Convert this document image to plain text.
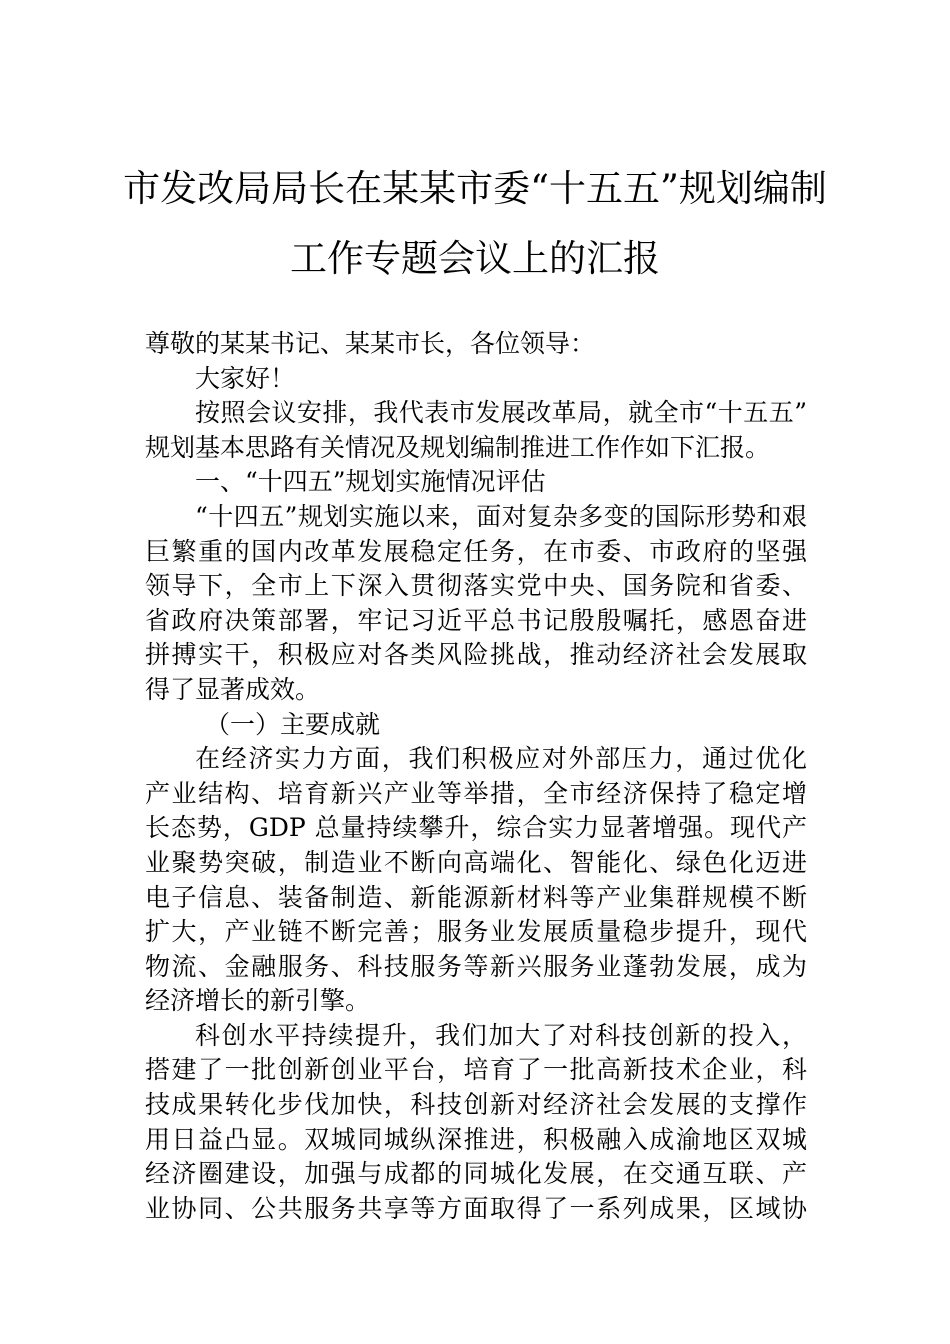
市发改局局长在某某市委“十五五”规划编制
工作专题会议上的汇报
尊敬的某某书记、某某市长，各位领导：
大家好！
按照会议安排，我代表市发展改革局，就全市“十五五”
规划基本思路有关情况及规划编制推进工作作如下汇报。
一、“十四五”规划实施情况评估
“十四五”规划实施以来，面对复杂多变的国际形势和艰
巨繁重的国内改革发展稳定任务，在市委、市政府的坚强
领导下，全市上下深入贯彻落实党中央、国务院和省委、
省政府决策部署，牢记习近平总书记殷殷嘱托，感恩奋进
拼搏实干，积极应对各类风险挑战，推动经济社会发展取
得了显著成效。
（一）主要成就
在经济实力方面，我们积极应对外部压力，通过优化
产业结构、培育新兴产业等举措，全市经济保持了稳定增
长态势，GDP 总量持续攀升，综合实力显著增强。现代产
业聚势突破，制造业不断向高端化、智能化、绿色化迈进
电子信息、装备制造、新能源新材料等产业集群规模不断
扩大，产业链不断完善；服务业发展质量稳步提升，现代
物流、金融服务、科技服务等新兴服务业蓬勃发展，成为
经济增长的新引擎。
科创水平持续提升，我们加大了对科技创新的投入，
搭建了一批创新创业平台，培育了一批高新技术企业，科
技成果转化步伐加快，科技创新对经济社会发展的支撑作
用日益凸显。双城同城纵深推进，积极融入成渝地区双城
经济圈建设，加强与成都的同城化发展，在交通互联、产
业协同、公共服务共享等方面取得了一系列成果，区域协
